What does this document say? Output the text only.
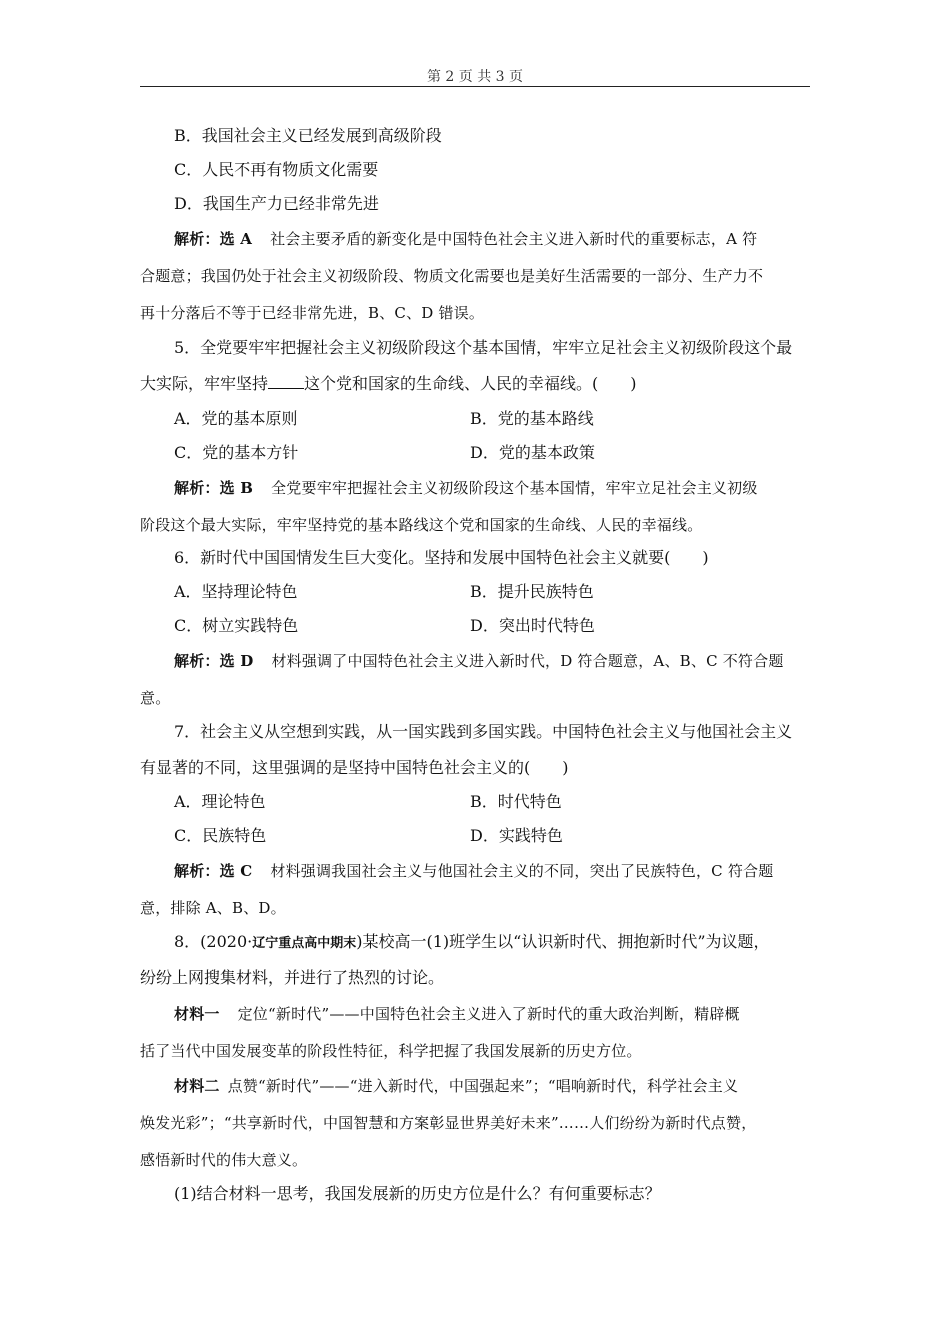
第 2 页 共 3 页
B．我国社会主义已经发展到高级阶段
C．人民不再有物质文化需要
D．我国生产力已经非常先进
解析：选 A 社会主要矛盾的新变化是中国特色社会主义进入新时代的重要标志，A 符
合题意；我国仍处于社会主义初级阶段、物质文化需要也是美好生活需要的一部分、生产力不
再十分落后不等于已经非常先进，B、C、D 错误。
5．全党要牢牢把握社会主义初级阶段这个基本国情，牢牢立足社会主义初级阶段这个最
大实际，牢牢坚持 这个党和国家的生命线、人民的幸福线。(　　)
A．党的基本原则	B．党的基本路线
C．党的基本方针	D．党的基本政策
解析：选 B 全党要牢牢把握社会主义初级阶段这个基本国情，牢牢立足社会主义初级
阶段这个最大实际，牢牢坚持党的基本路线这个党和国家的生命线、人民的幸福线。
6．新时代中国国情发生巨大变化。坚持和发展中国特色社会主义就要(　　)
A．坚持理论特色	B．提升民族特色
C．树立实践特色	D．突出时代特色
解析：选 D 材料强调了中国特色社会主义进入新时代，D 符合题意，A、B、C 不符合题
意。
7．社会主义从空想到实践，从一国实践到多国实践。中国特色社会主义与他国社会主义
有显著的不同，这里强调的是坚持中国特色社会主义的(　　)
A．理论特色	B．时代特色
C．民族特色	D．实践特色
解析：选 C 材料强调我国社会主义与他国社会主义的不同，突出了民族特色，C 符合题
意，排除 A、B、D。
8．(2020·辽宁重点高中期末)某校高一(1)班学生以“认识新时代、拥抱新时代”为议题，
纷纷上网搜集材料，并进行了热烈的讨论。
材料一 定位“新时代”——中国特色社会主义进入了新时代的重大政治判断，精辟概
括了当代中国发展变革的阶段性特征，科学把握了我国发展新的历史方位。
材料二 点赞“新时代”——“进入新时代，中国强起来”；“唱响新时代，科学社会主义
焕发光彩”；“共享新时代，中国智慧和方案彰显世界美好未来”……人们纷纷为新时代点赞，
感悟新时代的伟大意义。
(1)结合材料一思考，我国发展新的历史方位是什么？有何重要标志？
